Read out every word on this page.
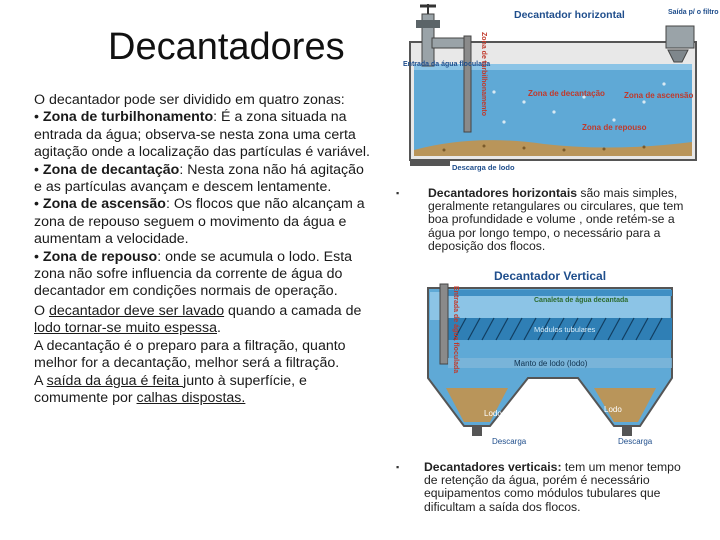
Decantadores

O decantador pode ser dividido em quatro zonas:

• Zona de turbilhonamento: É a zona situada na entrada da água; observa-se nesta zona uma certa agitação onde a localização das partículas é variável.

• Zona de decantação: Nesta zona não há agitação e as partículas avançam e descem lentamente.

• Zona de ascensão: Os flocos que não alcançam a zona de repouso seguem o movimento da água e aumentam a velocidade.

• Zona de repouso: onde se acumula o lodo. Esta zona não sofre influencia da corrente de água do decantador em condições normais de operação.

O decantador deve ser lavado quando a camada de lodo tornar-se muito espessa.

A decantação é o preparo para a filtração, quanto melhor for a decantação, melhor será a filtração.

A saída da água é feita junto à superfície, e comumente por calhas dispostas.

Decantador horizontal	Saída p/ o filtro
Entrada da água floculada
Zona de turbilhonamento	Zona de decantação Zona de ascensão
Zona de repouso
Descarga de lodo
▪ Decantadores horizontais são mais simples, geralmente retangulares ou circulares, que tem boa profundidade e volume , onde retém-se a água por longo tempo, o necessário para a deposição dos flocos.
Decantador Vertical
Canaleta de água decantada
Entrada de água floculada	Módulos tubulares
Manto de lodo (lodo)
Lodo	Lodo
Descarga	Descarga
▪ Decantadores verticais: tem um menor tempo de retenção da água, porém é necessário equipamentos como módulos tubulares que dificultam a saída dos flocos.
